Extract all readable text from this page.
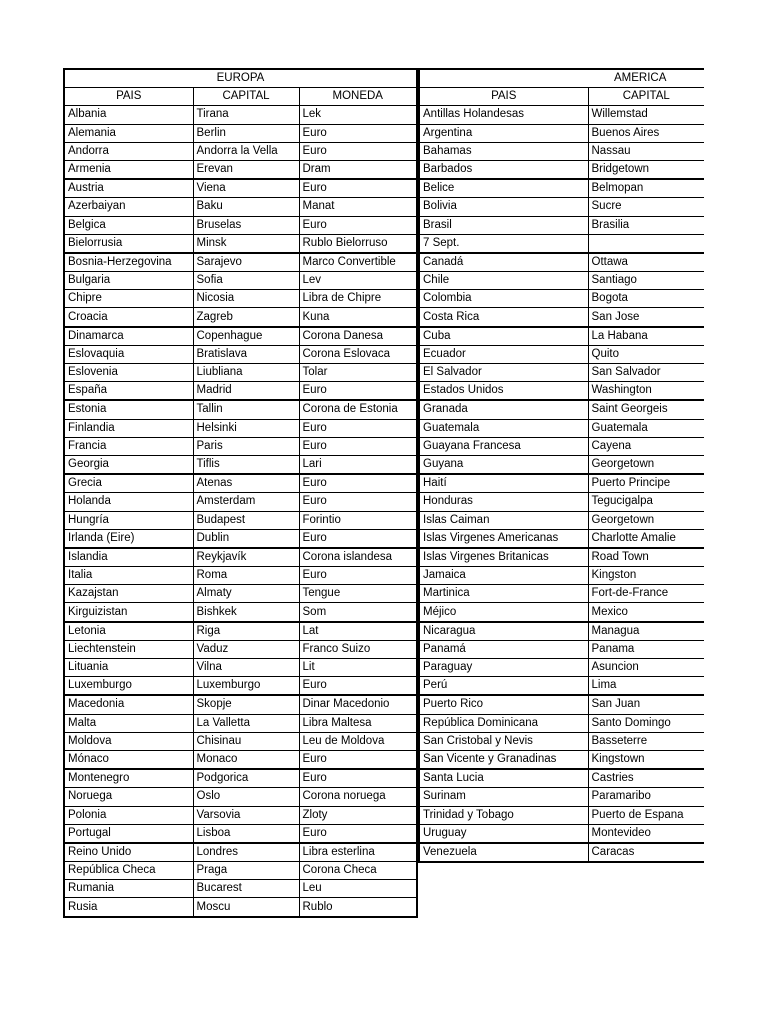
EUROPA		
PAIS	CAPITAL	MONEDA
Albania	Tirana	Lek
Alemania	Berlin	Euro
Andorra	Andorra la Vella	Euro
Armenia	Erevan	Dram
Austria	Viena	Euro
Azerbaiyan	Baku	Manat
Belgica	Bruselas	Euro
Bielorrusia	Minsk	Rublo Bielorruso
Bosnia-Herzegovina	Sarajevo	Marco Convertible
Bulgaria	Sofia	Lev
Chipre	Nicosia	Libra de Chipre
Croacia	Zagreb	Kuna
Dinamarca	Copenhague	Corona Danesa
Eslovaquia	Bratislava	Corona Eslovaca
Eslovenia	Liubliana	Tolar
España	Madrid	Euro
Estonia	Tallin	Corona de Estonia
Finlandia	Helsinki	Euro
Francia	Paris	Euro
Georgia	Tiflis	Lari
Grecia	Atenas	Euro
Holanda	Amsterdam	Euro
Hungría	Budapest	Forintio
Irlanda (Eire)	Dublin	Euro
Islandia	Reykjavík	Corona islandesa
Italia	Roma	Euro
Kazajstan	Almaty	Tengue
Kirguizistan	Bishkek	Som
Letonia	Riga	Lat
Liechtenstein	Vaduz	Franco Suizo
Lituania	Vilna	Lit
Luxemburgo	Luxemburgo	Euro
Macedonia	Skopje	Dinar Macedonio
Malta	La Valletta	Libra Maltesa
Moldova	Chisinau	Leu de Moldova
Mónaco	Monaco	Euro
Montenegro	Podgorica	Euro
Noruega	Oslo	Corona noruega
Polonia	Varsovia	Zloty
Portugal	Lisboa	Euro
Reino Unido	Londres	Libra esterlina
República Checa	Praga	Corona Checa
Rumania	Bucarest	Leu
Rusia	Moscu	Rublo
AMERICA	
PAIS	CAPITAL
Antillas Holandesas	Willemstad
Argentina	Buenos Aires
Bahamas	Nassau
Barbados	Bridgetown
Belice	Belmopan
Bolivia	Sucre
Brasil	Brasilia
7 Sept.	
Canadá	Ottawa
Chile	Santiago
Colombia	Bogota
Costa Rica	San Jose
Cuba	La Habana
Ecuador	Quito
El Salvador	San Salvador
Estados Unidos	Washington
Granada	Saint Georgeis
Guatemala	Guatemala
Guayana Francesa	Cayena
Guyana	Georgetown
Haití	Puerto Principe
Honduras	Tegucigalpa
Islas Caiman	Georgetown
Islas Virgenes Americanas	Charlotte Amalie
Islas Virgenes Britanicas	Road Town
Jamaica	Kingston
Martinica	Fort-de-France
Méjico	Mexico
Nicaragua	Managua
Panamá	Panama
Paraguay	Asuncion
Perú	Lima
Puerto Rico	San Juan
República Dominicana	Santo Domingo
San Cristobal y Nevis	Basseterre
San Vicente y Granadinas	Kingstown
Santa Lucia	Castries
Surinam	Paramaribo
Trinidad y Tobago	Puerto de Espana
Uruguay	Montevideo
Venezuela	Caracas
